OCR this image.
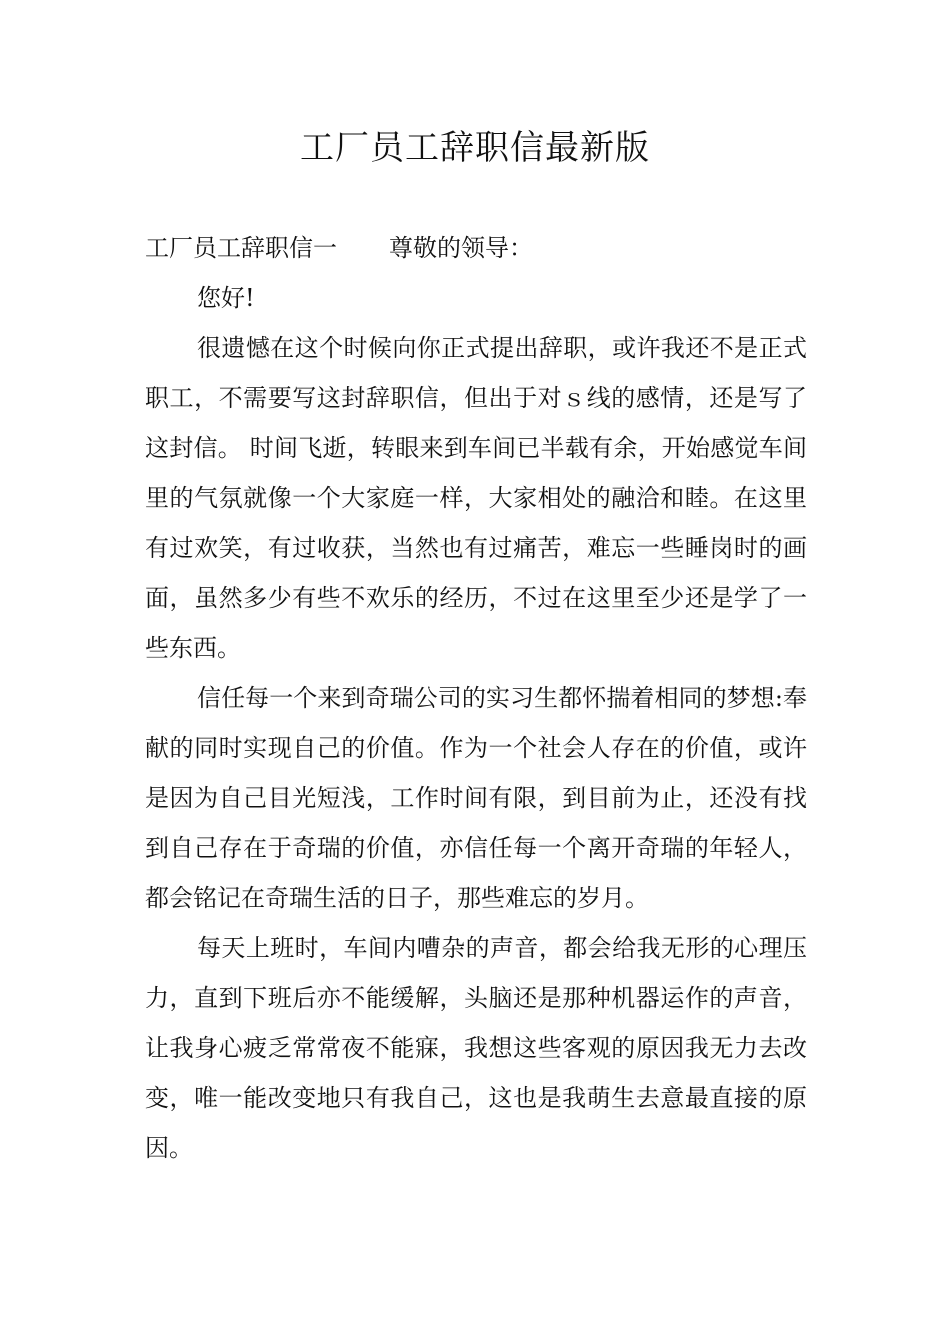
工厂员工辞职信最新版

工厂员工辞职信一 尊敬的领导：

您好!

很遗憾在这个时候向你正式提出辞职，或许我还不是正式职工，不需要写这封辞职信，但出于对ｓ线的感情，还是写了这封信。 时间飞逝，转眼来到车间已半载有余，开始感觉车间里的气氛就像一个大家庭一样，大家相处的融洽和睦。在这里有过欢笑，有过收获，当然也有过痛苦，难忘一些睡岗时的画面，虽然多少有些不欢乐的经历，不过在这里至少还是学了一些东西。

信任每一个来到奇瑞公司的实习生都怀揣着相同的梦想:奉献的同时实现自己的价值。作为一个社会人存在的价值，或许是因为自己目光短浅，工作时间有限，到目前为止，还没有找到自己存在于奇瑞的价值，亦信任每一个离开奇瑞的年轻人，都会铭记在奇瑞生活的日子，那些难忘的岁月。

每天上班时，车间内嘈杂的声音，都会给我无形的心理压力，直到下班后亦不能缓解，头脑还是那种机器运作的声音，让我身心疲乏常常夜不能寐，我想这些客观的原因我无力去改变，唯一能改变地只有我自己，这也是我萌生去意最直接的原因。
